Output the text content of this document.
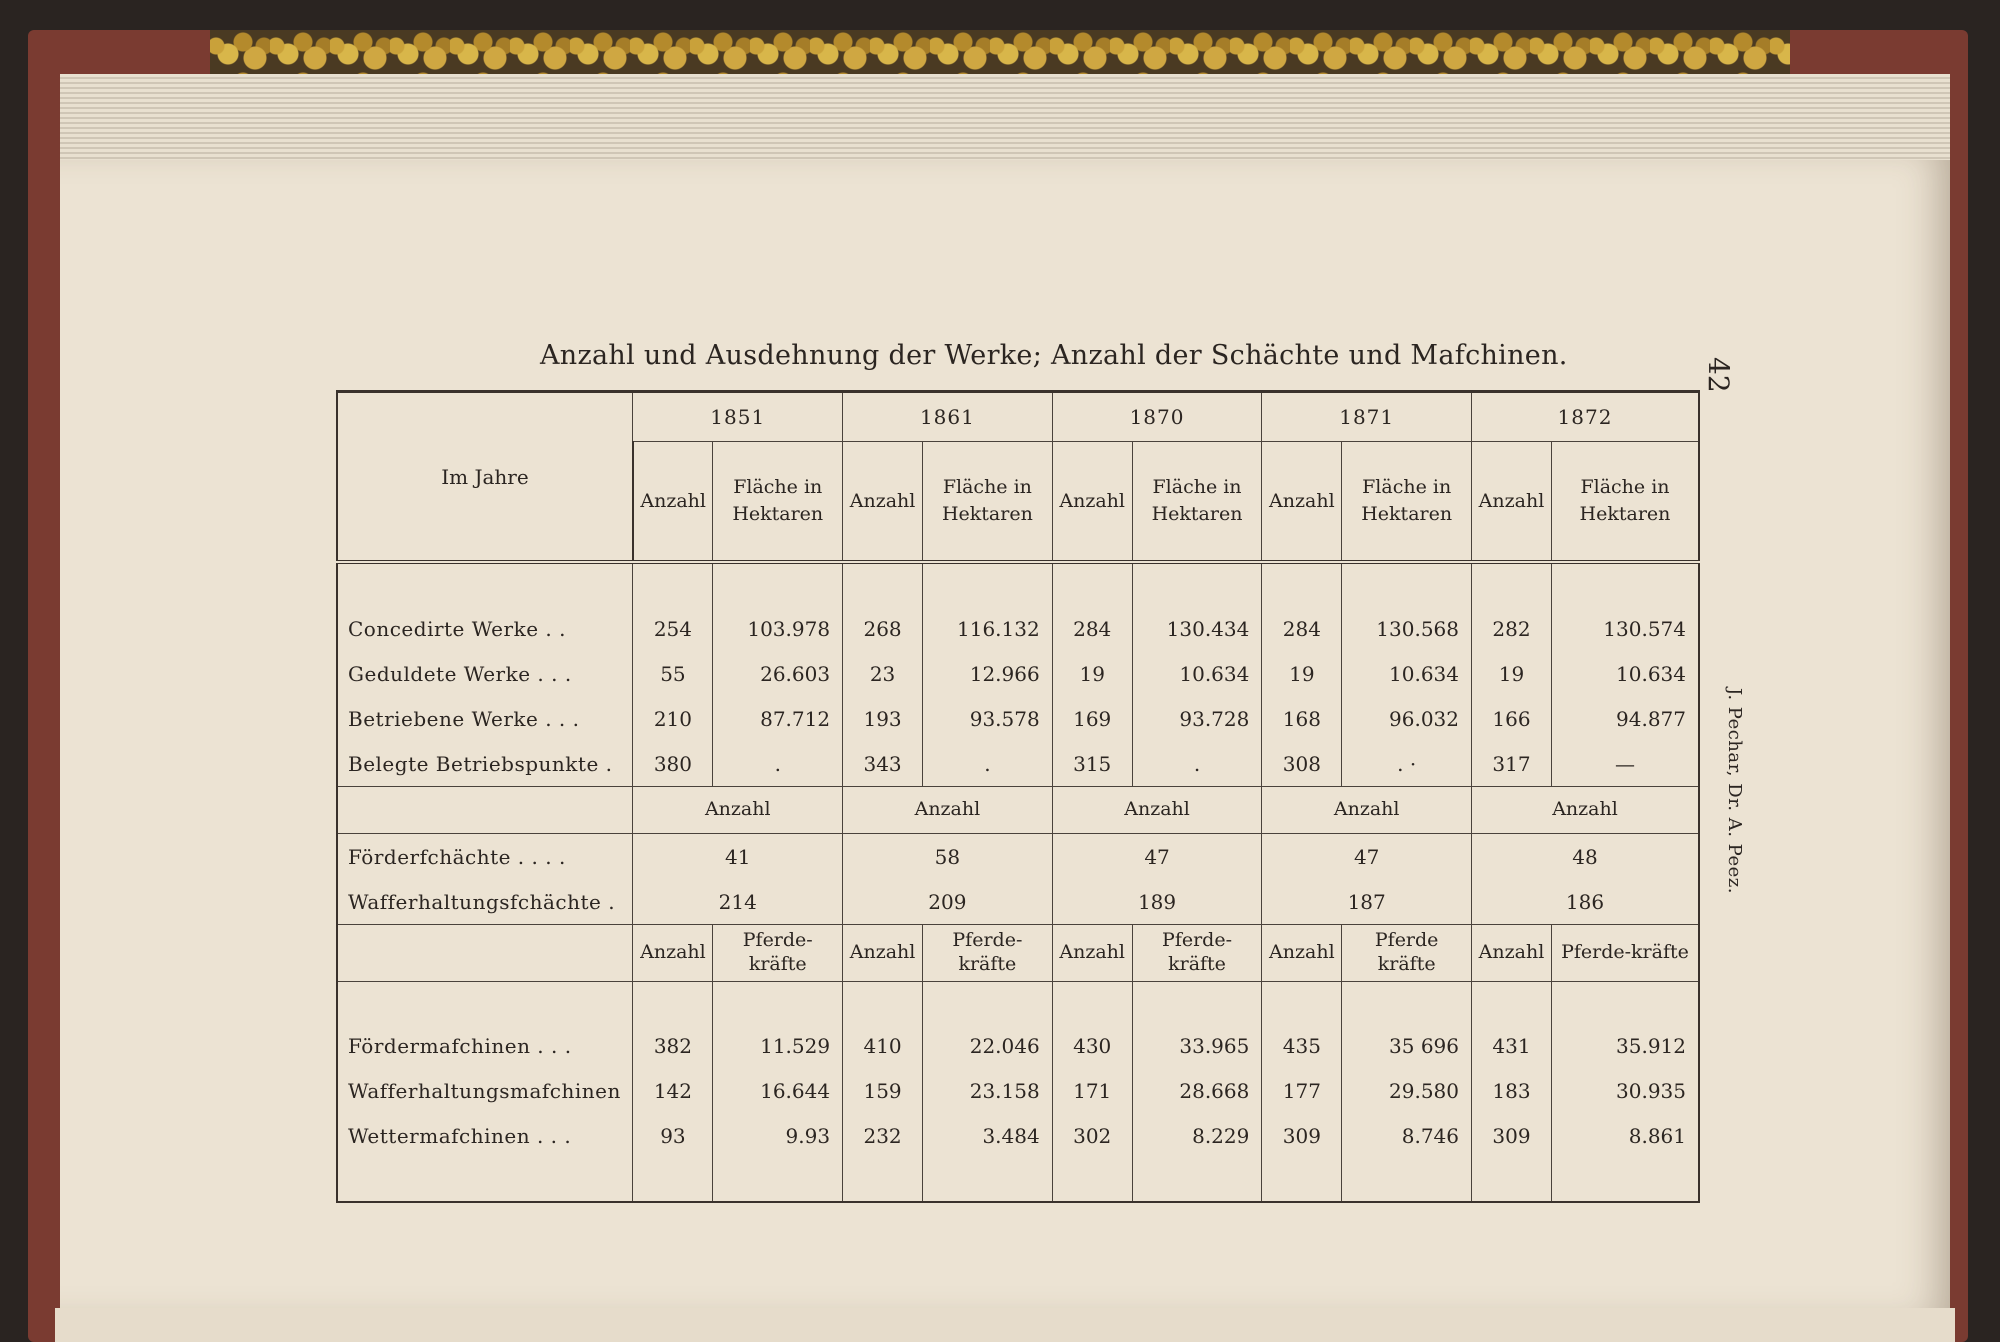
Anzahl und Ausdehnung der Werke; Anzahl der Schächte und Mafchinen.
42
J. Pechar, Dr. A. Peez.
Im Jahre	1851		1861		1870		1871		1872	
	Anzahl	Fläche in Hektaren	Anzahl	Fläche in Hektaren	Anzahl	Fläche in Hektaren	Anzahl	Fläche in Hektaren	Anzahl	Fläche in Hektaren

Concedirte Werke . .	254	103.978	268	116.132	284	130.434	284	130.568	282	130.574
Geduldete Werke . . .	55	26.603	23	12.966	19	10.634	19	10.634	19	10.634
Betriebene Werke . . .	210	87.712	193	93.578	169	93.728	168	96.032	166	94.877
Belegte Betriebspunkte .	380	.	343	.	315	.	308	. ·	317	—
	Anzahl		Anzahl		Anzahl		Anzahl		Anzahl	
Förderfchächte . . . .	41		58		47		47		48	
Wafferhaltungsfchächte .	214		209		189		187		186	
	Anzahl	Pferde-kräfte	Anzahl	Pferde-kräfte	Anzahl	Pferde-kräfte	Anzahl	Pferde kräfte	Anzahl	Pferde-kräfte

Fördermafchinen . . .	382	11.529	410	22.046	430	33.965	435	35 696	431	35.912
Wafferhaltungsmafchinen	142	16.644	159	23.158	171	28.668	177	29.580	183	30.935
Wettermafchinen . . .	93	9.93	232	3.484	302	8.229	309	8.746	309	8.861
